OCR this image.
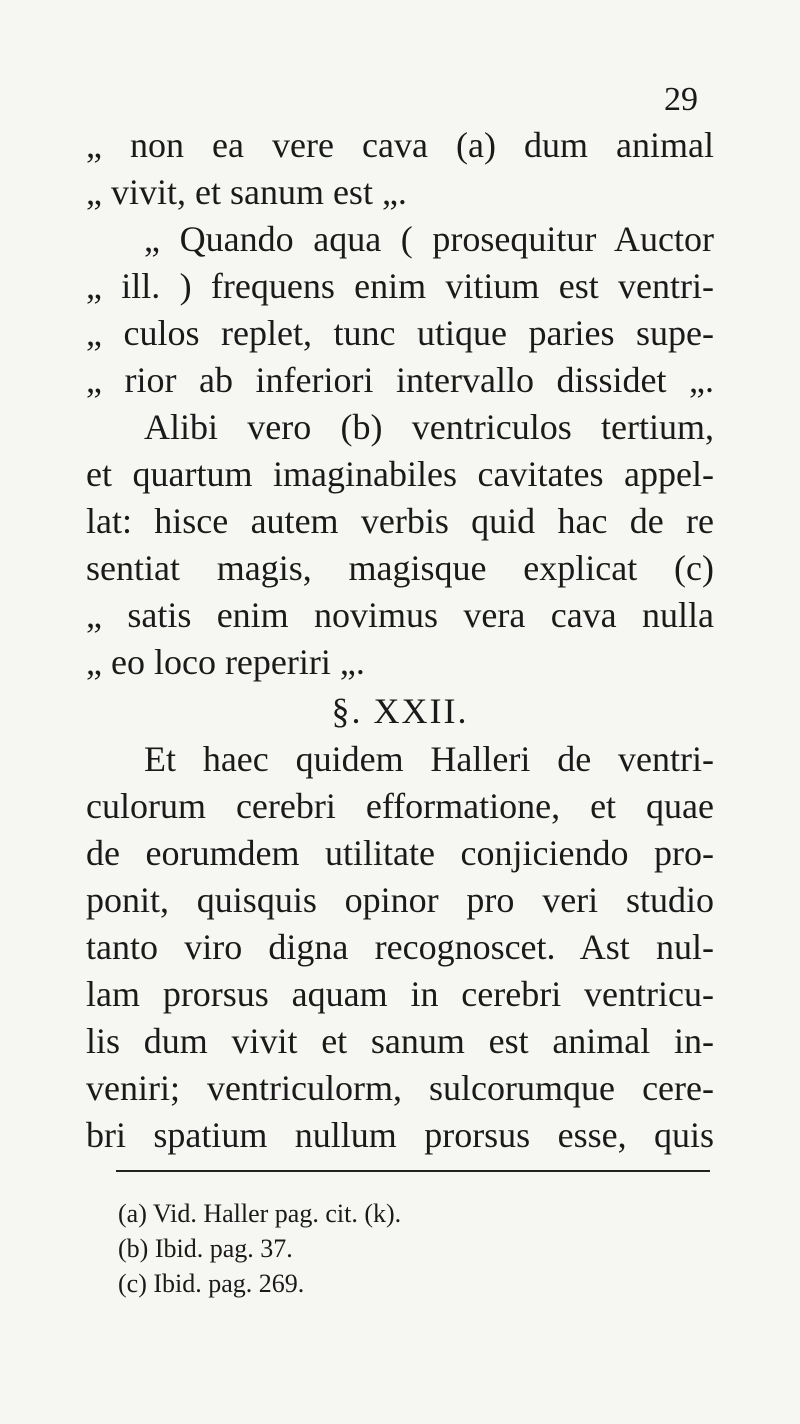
29
„ non ea vere cava (a) dum animal
„ vivit, et sanum est „.
„ Quando aqua ( prosequitur Auctor
„ ill. ) frequens enim vitium est ventri-
„ culos replet, tunc utique paries supe-
„ rior ab inferiori intervallo dissidet „.
Alibi vero (b) ventriculos tertium,
et quartum imaginabiles cavitates appel-
lat: hisce autem verbis quid hac de re
sentiat magis, magisque explicat (c)
„ satis enim novimus vera cava nulla
„ eo loco reperiri „.
§. XXII.
Et haec quidem Halleri de ventri-
culorum cerebri efformatione, et quae
de eorumdem utilitate conjiciendo pro-
ponit, quisquis opinor pro veri studio
tanto viro digna recognoscet. Ast nul-
lam prorsus aquam in cerebri ventricu-
lis dum vivit et sanum est animal in-
veniri; ventriculorm, sulcorumque cere-
bri spatium nullum prorsus esse, quis
(a) Vid. Haller pag. cit. (k).
(b) Ibid. pag. 37.
(c) Ibid. pag. 269.
